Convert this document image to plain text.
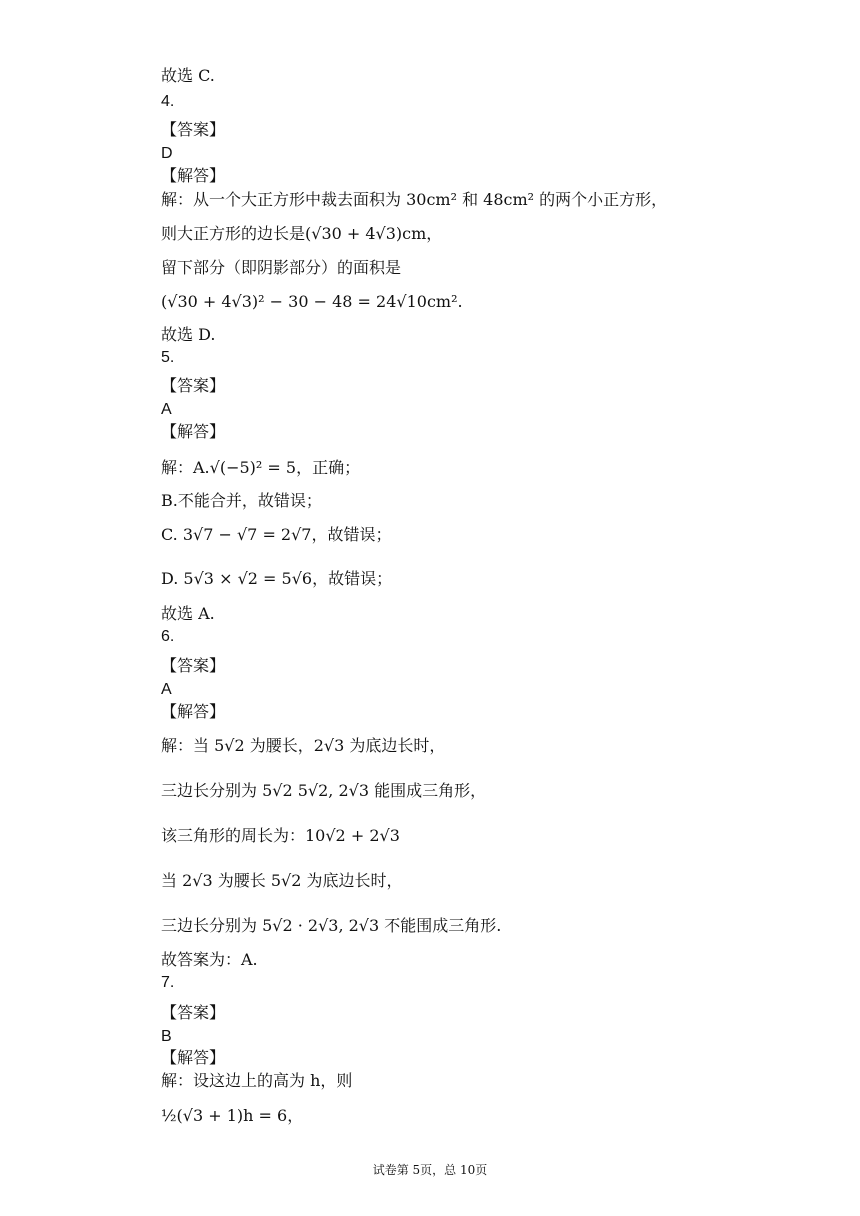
故选 C.
4.
【答案】
D
【解答】
解：从一个大正方形中裁去面积为 30cm² 和 48cm² 的两个小正方形，
则大正方形的边长是(√30 + 4√3)cm，
留下部分（即阴影部分）的面积是
(√30 + 4√3)² − 30 − 48 = 24√10cm².
故选 D.
5.
【答案】
A
【解答】
解：A.√(−5)² = 5，正确；
B.不能合并，故错误；
C. 3√7 − √7 = 2√7，故错误；
D. 5√3 × √2 = 5√6，故错误；
故选 A.
6.
【答案】
A
【解答】
解：当 5√2 为腰长，2√3 为底边长时，
三边长分别为 5√2 5√2, 2√3 能围成三角形，
该三角形的周长为：10√2 + 2√3
当 2√3 为腰长 5√2 为底边长时，
三边长分别为 5√2 · 2√3, 2√3 不能围成三角形.
故答案为：A.
7.
【答案】
B
【解答】
解：设这边上的高为 h，则
½(√3 + 1)h = 6，
试卷第 5页，总 10页
